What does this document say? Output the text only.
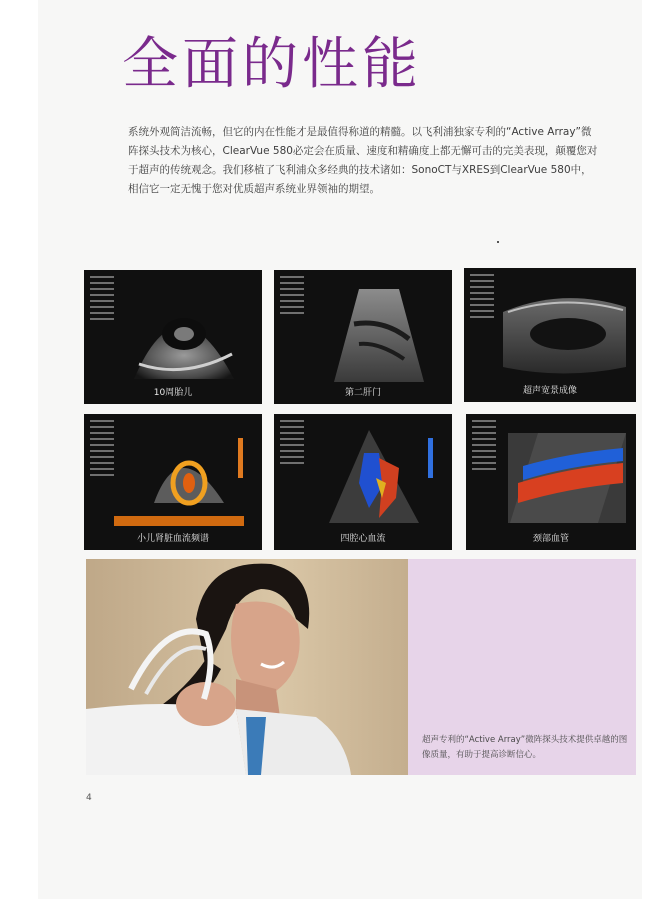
全面的性能
系统外观简洁流畅，但它的内在性能才是最值得称道的精髓。以飞利浦独家专利的“Active Array”微阵探头技术为核心，ClearVue 580必定会在质量、速度和精确度上都无懈可击的完美表现，颠覆您对于超声的传统观念。我们移植了飞利浦众多经典的技术诸如：SonoCT与XRES到ClearVue 580中，相信它一定无愧于您对优质超声系统业界领袖的期望。
10周胎儿	第二肝门	超声宽景成像
小儿肾脏血流频谱	四腔心血流	颈部血管
超声专利的“Active Array”微阵探头技术提供卓越的图像质量，有助于提高诊断信心。
4
